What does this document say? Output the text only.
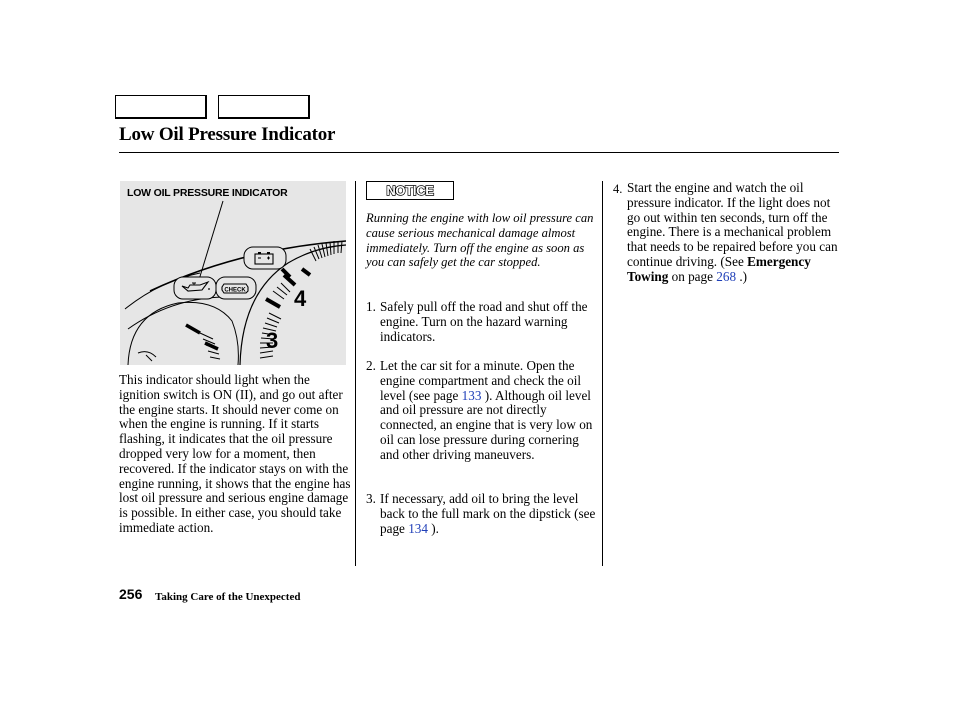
Low Oil Pressure Indicator
CHECK 4
3
LOW OIL PRESSURE INDICATOR

This indicator should light when the ignition switch is ON (II), and go out after the engine starts. It should never come on when the engine is running. If it starts flashing, it indicates that the oil pressure dropped very low for a moment, then recovered. If the indicator stays on with the engine running, it shows that the engine has lost oil pressure and serious engine damage is possible. In either case, you should take immediate action.

NOTICE

Running the engine with low oil pressure can cause serious mechanical damage almost immediately. Turn off the engine as soon as you can safely get the car stopped.

1. Safely pull off the road and shut off the engine. Turn on the hazard warning indicators.
2. Let the car sit for a minute. Open the engine compartment and check the oil level (see page 133 ). Although oil level and oil pressure are not directly connected, an engine that is very low on oil can lose pressure during cornering and other driving maneuvers.
3. If necessary, add oil to bring the level back to the full mark on the dipstick (see page 134 ).
4. Start the engine and watch the oil pressure indicator. If the light does not go out within ten seconds, turn off the engine. There is a mechanical problem that needs to be repaired before you can continue driving. (See Emergency Towing on page 268 .)
256 Taking Care of the Unexpected
